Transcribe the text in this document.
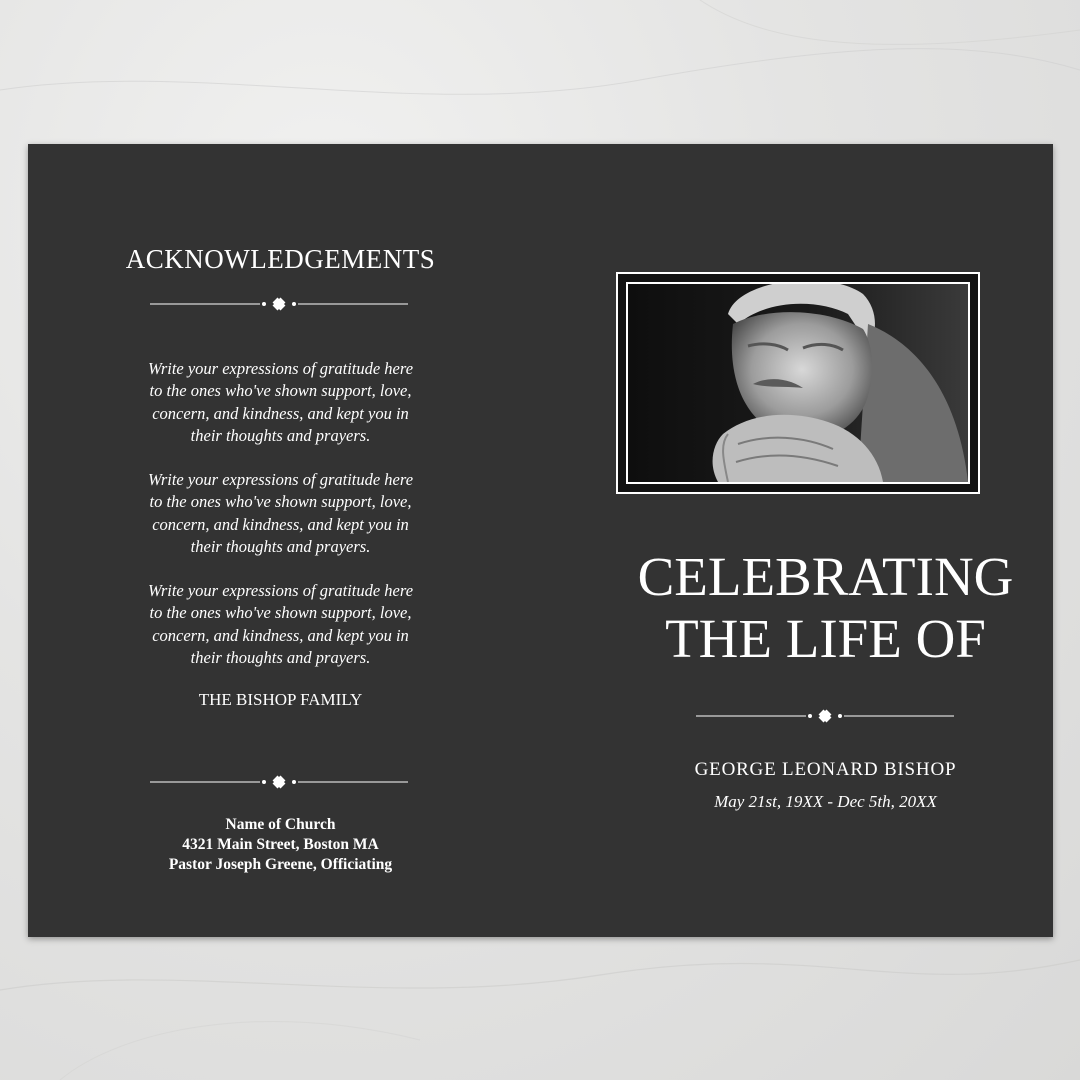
ACKNOWLEDGEMENTS
Write your expressions of gratitude here
to the ones who've shown support, love,
concern, and kindness, and kept you in
their thoughts and prayers.
Write your expressions of gratitude here
to the ones who've shown support, love,
concern, and kindness, and kept you in
their thoughts and prayers.
Write your expressions of gratitude here
to the ones who've shown support, love,
concern, and kindness, and kept you in
their thoughts and prayers.
THE BISHOP FAMILY
Name of Church
4321 Main Street, Boston MA
Pastor Joseph Greene, Officiating
CELEBRATING
THE LIFE OF
GEORGE LEONARD BISHOP
May 21st, 19XX - Dec 5th, 20XX
